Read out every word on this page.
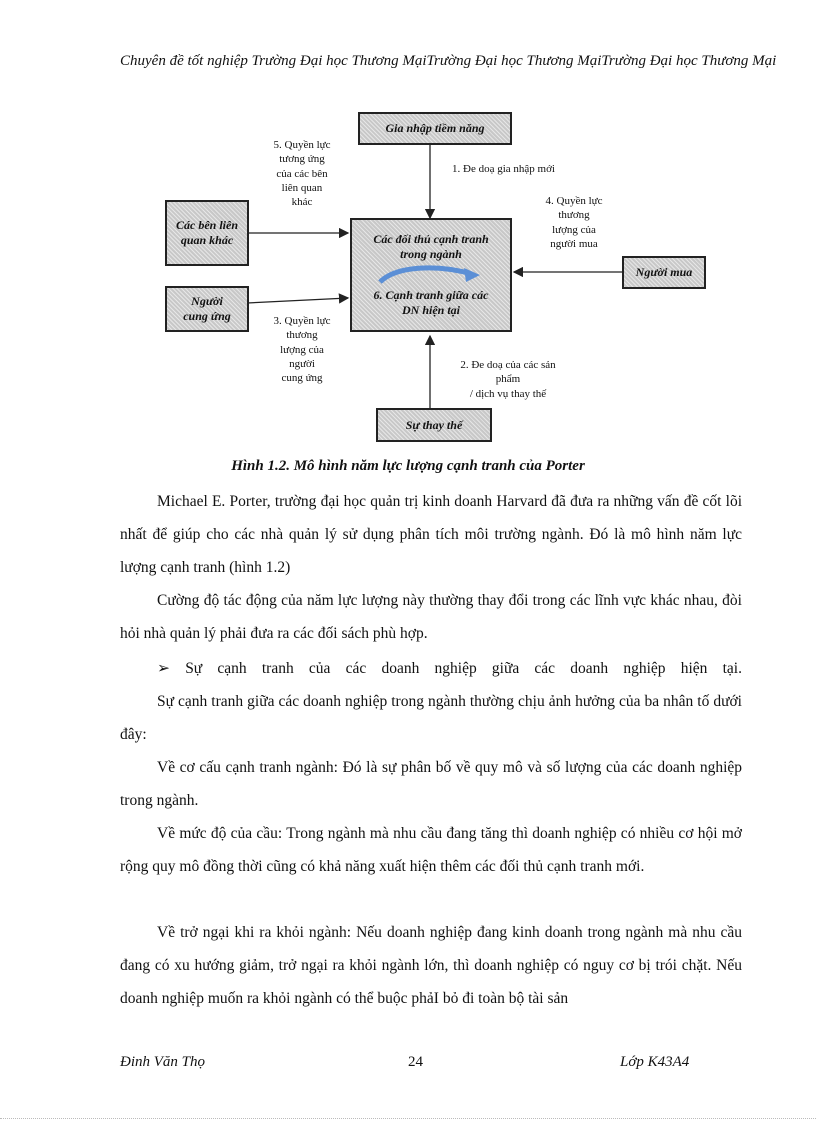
Chuyên đề tốt nghiệp Trường Đại học Thương MạiTrường Đại học Thương MạiTrường Đại học Thương Mại
Gia nhập tiềm năng
Các bên liên
quan khác	Các đối thủ cạnh tranh
trong ngành
6. Cạnh tranh giữa các
DN hiện tại
Người mua
Người
cung ứng
Sự thay thế
5. Quyền lực
tương ứng
của các bên
liên quan
khác
1. Đe doạ gia nhập mới
4. Quyền lực
thương
lượng của
người mua
3. Quyền lực
thương
lượng của
người
cung ứng
2. Đe doạ của các sản
phẩm
/ dịch vụ thay thế
Hình 1.2. Mô hình năm lực lượng cạnh tranh của Porter

Michael E. Porter, trường đại học quản trị kinh doanh Harvard đã đưa ra những vấn đề cốt lõi nhất để giúp cho các nhà quản lý sử dụng phân tích môi trường ngành. Đó là mô hình năm lực lượng cạnh tranh (hình 1.2)

Cường độ tác động của năm lực lượng này thường thay đổi trong các lĩnh vực khác nhau, đòi hỏi nhà quản lý phải đưa ra các đối sách phù hợp.

➢ Sự cạnh tranh của các doanh nghiệp giữa các doanh nghiệp hiện tại.

Sự cạnh tranh giữa các doanh nghiệp trong ngành thường chịu ảnh hưởng của ba nhân tố dưới đây:

Về cơ cấu cạnh tranh ngành: Đó là sự phân bố về quy mô và số lượng của các doanh nghiệp trong ngành.

Về mức độ của cầu: Trong ngành mà nhu cầu đang tăng thì doanh nghiệp có nhiều cơ hội mở rộng quy mô đồng thời cũng có khả năng xuất hiện thêm các đối thủ cạnh tranh mới.

Về trở ngại khi ra khỏi ngành: Nếu doanh nghiệp đang kinh doanh trong ngành mà nhu cầu đang có xu hướng giảm, trở ngại ra khỏi ngành lớn, thì doanh nghiệp có nguy cơ bị trói chặt. Nếu doanh nghiệp muốn ra khỏi ngành có thể buộc phảI bỏ đi toàn bộ tài sản

Đinh Văn Thọ	24	Lớp K43A4
